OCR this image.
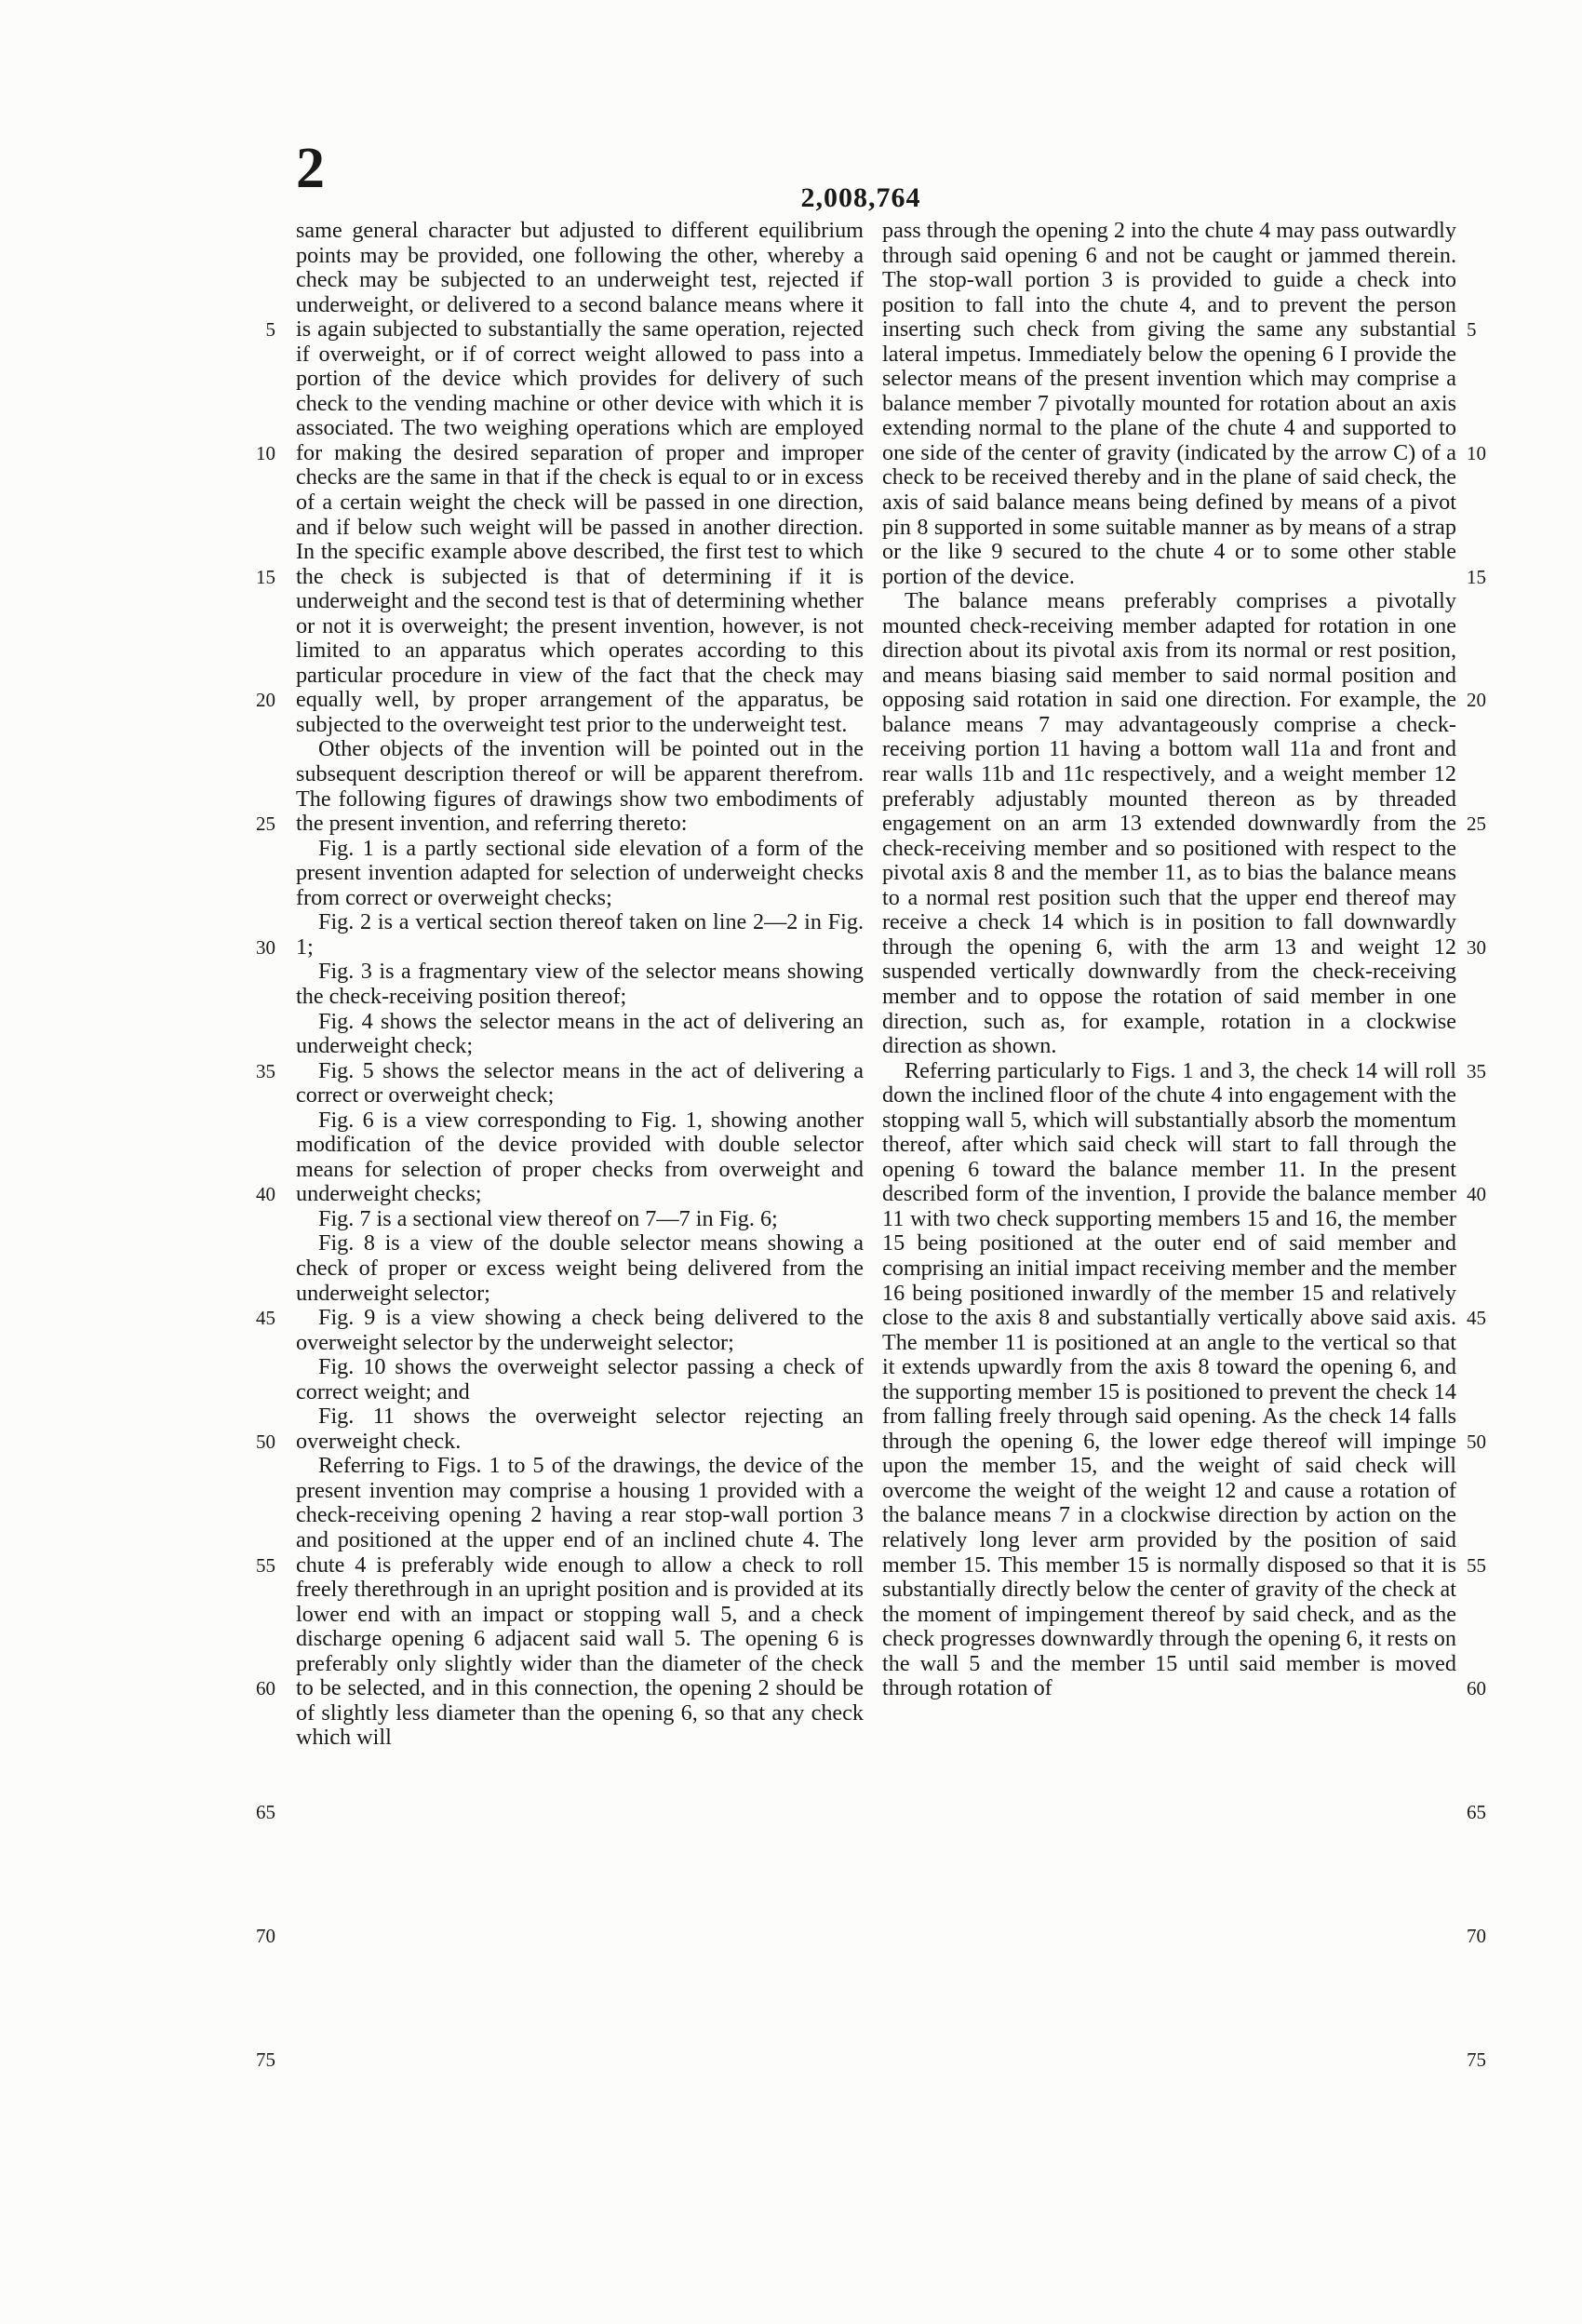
2	2,008,764
5
10
15
20
25
30
35
40
45
50
55
60
65
70
75

same general character but adjusted to different equilibrium points may be provided, one following the other, whereby a check may be subjected to an underweight test, rejected if underweight, or delivered to a second balance means where it is again subjected to substantially the same operation, rejected if overweight, or if of correct weight allowed to pass into a portion of the device which provides for delivery of such check to the vending machine or other device with which it is associated. The two weighing operations which are employed for making the desired separation of proper and improper checks are the same in that if the check is equal to or in excess of a certain weight the check will be passed in one direction, and if below such weight will be passed in another direction. In the specific example above described, the first test to which the check is subjected is that of determining if it is underweight and the second test is that of determining whether or not it is overweight; the present invention, however, is not limited to an apparatus which operates according to this particular procedure in view of the fact that the check may equally well, by proper arrangement of the apparatus, be subjected to the overweight test prior to the underweight test.

Other objects of the invention will be pointed out in the subsequent description thereof or will be apparent therefrom. The following figures of drawings show two embodiments of the present invention, and referring thereto:

Fig. 1 is a partly sectional side elevation of a form of the present invention adapted for selection of underweight checks from correct or overweight checks;

Fig. 2 is a vertical section thereof taken on line 2—2 in Fig. 1;

Fig. 3 is a fragmentary view of the selector means showing the check-receiving position thereof;

Fig. 4 shows the selector means in the act of delivering an underweight check;

Fig. 5 shows the selector means in the act of delivering a correct or overweight check;

Fig. 6 is a view corresponding to Fig. 1, showing another modification of the device provided with double selector means for selection of proper checks from overweight and underweight checks;

Fig. 7 is a sectional view thereof on 7—7 in Fig. 6;

Fig. 8 is a view of the double selector means showing a check of proper or excess weight being delivered from the underweight selector;

Fig. 9 is a view showing a check being delivered to the overweight selector by the underweight selector;

Fig. 10 shows the overweight selector passing a check of correct weight; and

Fig. 11 shows the overweight selector rejecting an overweight check.

Referring to Figs. 1 to 5 of the drawings, the device of the present invention may comprise a housing 1 provided with a check-receiving opening 2 having a rear stop-wall portion 3 and positioned at the upper end of an inclined chute 4. The chute 4 is preferably wide enough to allow a check to roll freely therethrough in an upright position and is provided at its lower end with an impact or stopping wall 5, and a check discharge opening 6 adjacent said wall 5. The opening 6 is preferably only slightly wider than the diameter of the check to be selected, and in this connection, the opening 2 should be of slightly less diameter than the opening 6, so that any check which will

pass through the opening 2 into the chute 4 may pass outwardly through said opening 6 and not be caught or jammed therein. The stop-wall portion 3 is provided to guide a check into position to fall into the chute 4, and to prevent the person inserting such check from giving the same any substantial lateral impetus. Immediately below the opening 6 I provide the selector means of the present invention which may comprise a balance member 7 pivotally mounted for rotation about an axis extending normal to the plane of the chute 4 and supported to one side of the center of gravity (indicated by the arrow C) of a check to be received thereby and in the plane of said check, the axis of said balance means being defined by means of a pivot pin 8 supported in some suitable manner as by means of a strap or the like 9 secured to the chute 4 or to some other stable portion of the device.

The balance means preferably comprises a pivotally mounted check-receiving member adapted for rotation in one direction about its pivotal axis from its normal or rest position, and means biasing said member to said normal position and opposing said rotation in said one direction. For example, the balance means 7 may advantageously comprise a check-receiving portion 11 having a bottom wall 11a and front and rear walls 11b and 11c respectively, and a weight member 12 preferably adjustably mounted thereon as by threaded engagement on an arm 13 extended downwardly from the check-receiving member and so positioned with respect to the pivotal axis 8 and the member 11, as to bias the balance means to a normal rest position such that the upper end thereof may receive a check 14 which is in position to fall downwardly through the opening 6, with the arm 13 and weight 12 suspended vertically downwardly from the check-receiving member and to oppose the rotation of said member in one direction, such as, for example, rotation in a clockwise direction as shown.

Referring particularly to Figs. 1 and 3, the check 14 will roll down the inclined floor of the chute 4 into engagement with the stopping wall 5, which will substantially absorb the momentum thereof, after which said check will start to fall through the opening 6 toward the balance member 11. In the present described form of the invention, I provide the balance member 11 with two check supporting members 15 and 16, the member 15 being positioned at the outer end of said member and comprising an initial impact receiving member and the member 16 being positioned inwardly of the member 15 and relatively close to the axis 8 and substantially vertically above said axis. The member 11 is positioned at an angle to the vertical so that it extends upwardly from the axis 8 toward the opening 6, and the supporting member 15 is positioned to prevent the check 14 from falling freely through said opening. As the check 14 falls through the opening 6, the lower edge thereof will impinge upon the member 15, and the weight of said check will overcome the weight of the weight 12 and cause a rotation of the balance means 7 in a clockwise direction by action on the relatively long lever arm provided by the position of said member 15. This member 15 is normally disposed so that it is substantially directly below the center of gravity of the check at the moment of impingement thereof by said check, and as the check progresses downwardly through the opening 6, it rests on the wall 5 and the member 15 until said member is moved through rotation of

5
10
15
20
25
30
35
40
45
50
55
60
65
70
75
